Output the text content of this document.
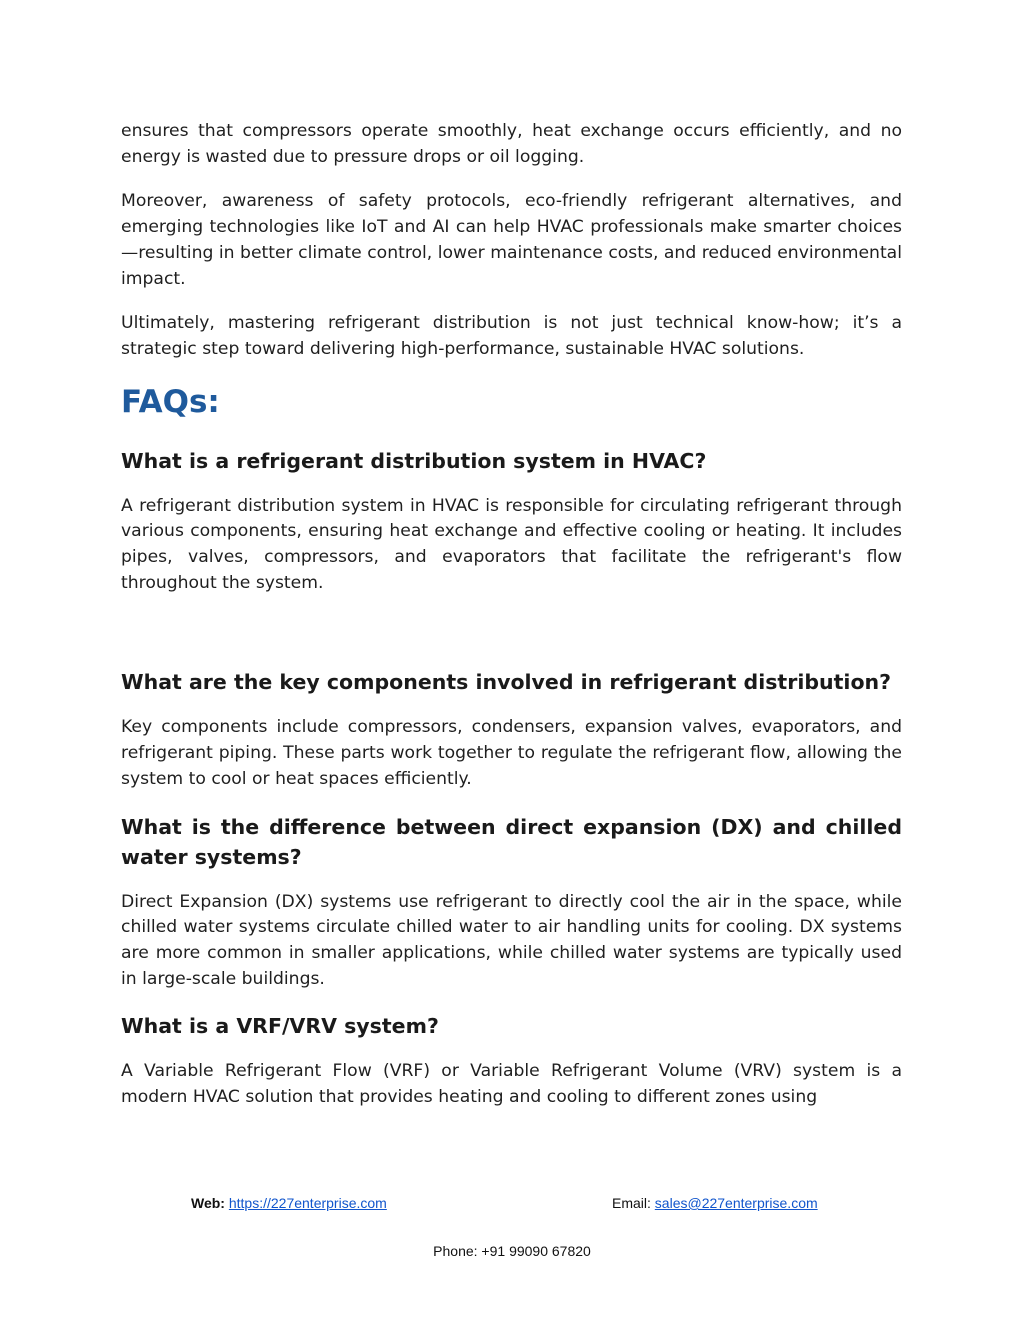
ensures that compressors operate smoothly, heat exchange occurs efficiently, and no energy is wasted due to pressure drops or oil logging.

Moreover, awareness of safety protocols, eco-friendly refrigerant alternatives, and emerging technologies like IoT and AI can help HVAC professionals make smarter choices—resulting in better climate control, lower maintenance costs, and reduced environmental impact.

Ultimately, mastering refrigerant distribution is not just technical know-how; it’s a strategic step toward delivering high-performance, sustainable HVAC solutions.

FAQs:
What is a refrigerant distribution system in HVAC?

A refrigerant distribution system in HVAC is responsible for circulating refrigerant through various components, ensuring heat exchange and effective cooling or heating. It includes pipes, valves, compressors, and evaporators that facilitate the refrigerant's flow throughout the system.

What are the key components involved in refrigerant distribution?

Key components include compressors, condensers, expansion valves, evaporators, and refrigerant piping. These parts work together to regulate the refrigerant flow, allowing the system to cool or heat spaces efficiently.

What is the difference between direct expansion (DX) and chilled water systems?

Direct Expansion (DX) systems use refrigerant to directly cool the air in the space, while chilled water systems circulate chilled water to air handling units for cooling. DX systems are more common in smaller applications, while chilled water systems are typically used in large-scale buildings.

What is a VRF/VRV system?

A Variable Refrigerant Flow (VRF) or Variable Refrigerant Volume (VRV) system is a modern HVAC solution that provides heating and cooling to different zones using

Web: https://227enterprise.com	Email: sales@227enterprise.com
Phone: +91 99090 67820
